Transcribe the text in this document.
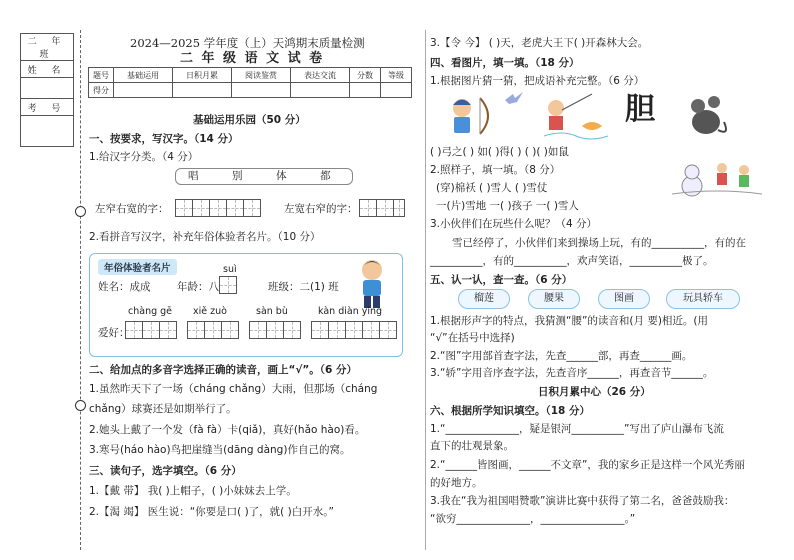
二 年 班
姓 名

考 号

2024—2025 学年度（上）天鸿期末质量检测
二 年 级 语 文 试 卷
题号	基础运用	日积月累	阅读鉴赏	表达交流	分数	等级
得分						
基础运用乐园（50 分）
一、按要求，写汉字。（14 分）
1.给汉字分类。（4 分）
唱	别	体	都
左窄右宽的字：	左宽右窄的字：
2.看拼音写汉字，补充年俗体验者名片。（10 分）
年俗体验者名片
姓名：成成
suì
年龄：八	班级：二(1) 班
爱好：
chàng gē xiě zuò	sàn bù	kàn diàn yǐng
二、给加点的多音字选择正确的读音，画上“√”。（6 分）
1.虽然昨天下了一场（cháng chǎng）大雨，但那场（cháng
chǎng）球赛还是如期举行了。
2.她头上戴了一个发（fà fà）卡(qiǎ)，真好(hǎo hào)看。
3.寒号(háo hào)鸟把崖缝当(dāng dàng)作自己的窝。
三、读句子，选字填空。（6 分）
1.【戴 带】 我( )上帽子，( )小妹妹去上学。
2.【渴 竭】 医生说：“你要是口( )了，就( )白开水。”
3.【令 今】 ( )天，老虎大王下( )开森林大会。
四、看图片，填一填。（18 分）
1.根据图片猜一猜，把成语补充完整。（6 分）
胆
( )弓之( ) 如( )得( ) ( )( )如鼠
2.照样子，填一填。（8 分）
(穿)棉袄 ( )雪人 ( )雪仗
一(片)雪地 一( )孩子 一( )雪人
3.小伙伴们在玩些什么呢？（4 分）
雪已经停了，小伙伴们来到操场上玩，有的__________，有的在
__________，有的__________，欢声笑语，__________极了。
五、认一认，查一查。（6 分）
榴莲	腰果	图画	玩具轿车
1.根据形声字的特点，我猜测“腰”的读音和(月 要)相近。(用
“√”在括号中选择)
2.“图”字用部首查字法，先查______部，再查______画。
3.“轿”字用音序查字法，先查音序______，再查音节______。
日积月累中心（26 分）
六、根据所学知识填空。（18 分）
1.“______________，疑是银河__________”写出了庐山瀑布飞流
直下的壮观景象。
2.“______皆图画，______不文章”，我的家乡正是这样一个风光秀丽
的好地方。
3.我在“我为祖国唱赞歌”演讲比赛中获得了第二名，爸爸鼓励我：
“欲穷______________，________________。”
